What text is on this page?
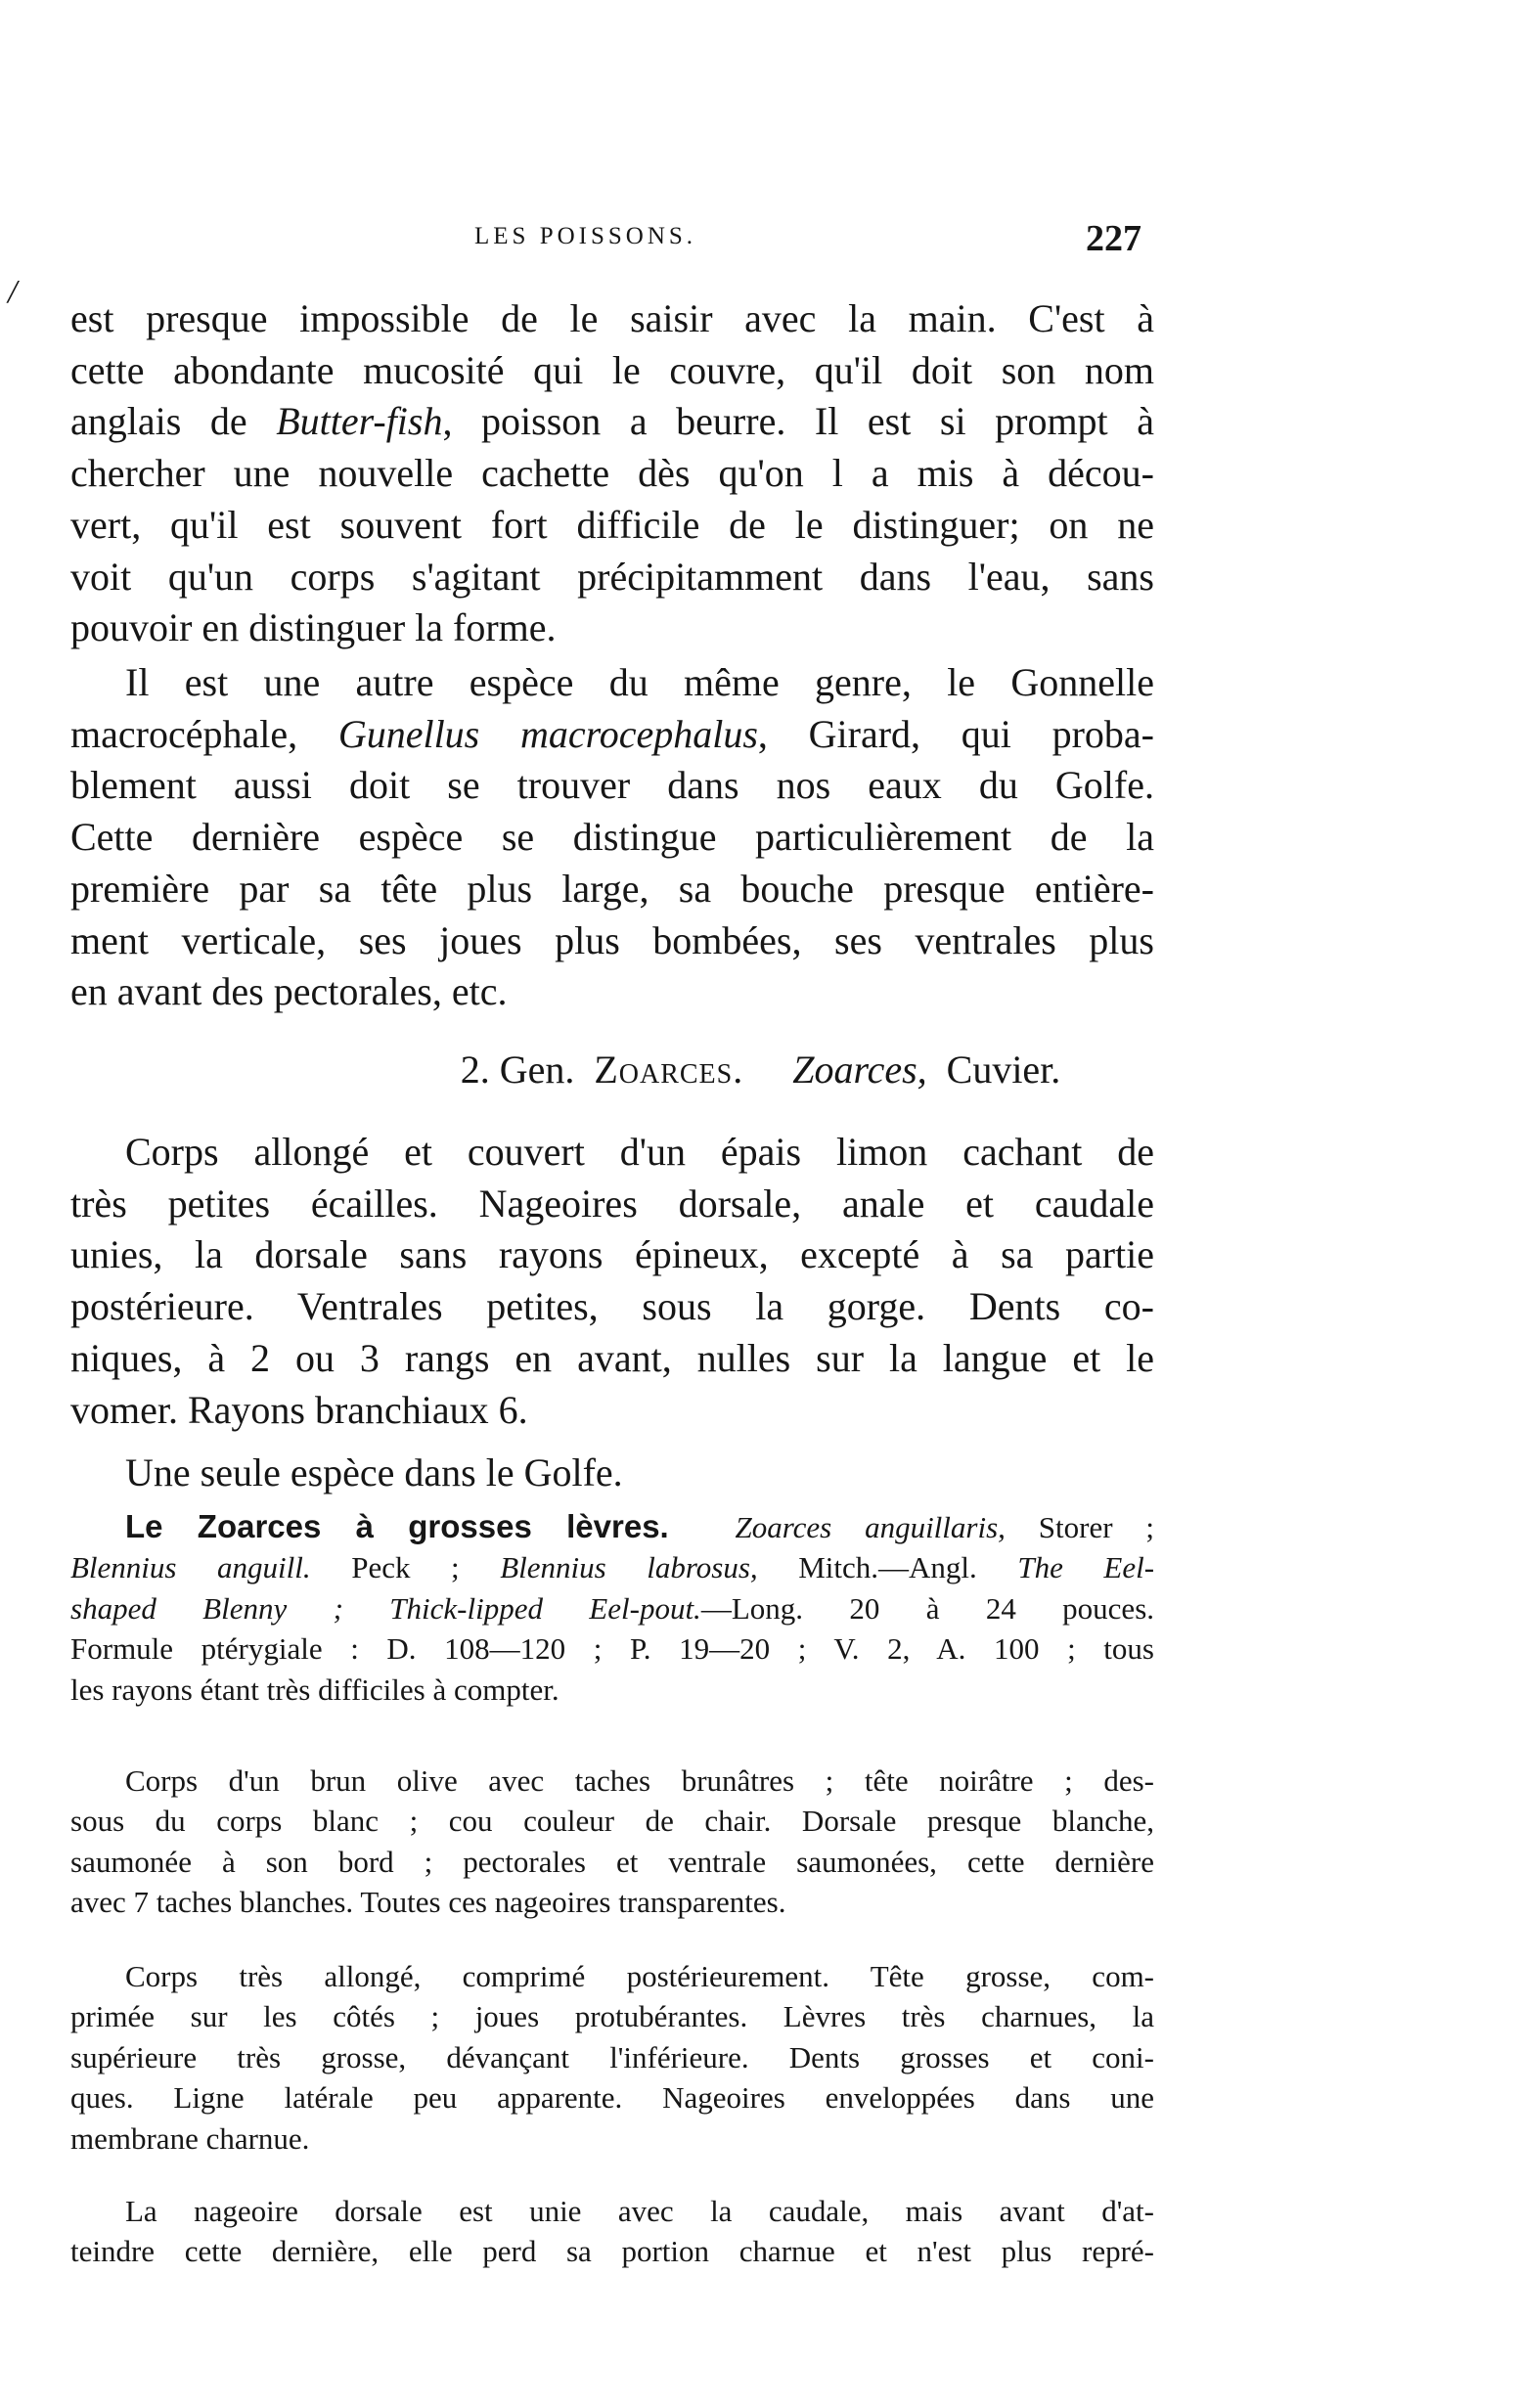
LES POISSONS.	227
/

est presque impossible de le saisir avec la main. C'est à
cette abondante mucosité qui le couvre, qu'il doit son nom
anglais de Butter-fish, poisson a beurre. Il est si prompt à
chercher une nouvelle cachette dès qu'on l a mis à décou-
vert, qu'il est souvent fort difficile de le distinguer; on ne
voit qu'un corps s'agitant précipitamment dans l'eau, sans
pouvoir en distinguer la forme.

Il est une autre espèce du même genre, le Gonnelle
macrocéphale, Gunellus macrocephalus, Girard, qui proba-
blement aussi doit se trouver dans nos eaux du Golfe.
Cette dernière espèce se distingue particulièrement de la
première par sa tête plus large, sa bouche presque entière-
ment verticale, ses joues plus bombées, ses ventrales plus
en avant des pectorales, etc.

2. Gen. Zoarces. Zoarces, Cuvier.

Corps allongé et couvert d'un épais limon cachant de
très petites écailles. Nageoires dorsale, anale et caudale
unies, la dorsale sans rayons épineux, excepté à sa partie
postérieure. Ventrales petites, sous la gorge. Dents co-
niques, à 2 ou 3 rangs en avant, nulles sur la langue et le
vomer. Rayons branchiaux 6.

Une seule espèce dans le Golfe.

Le Zoarces à grosses lèvres. Zoarces anguillaris, Storer ;
Blennius anguill. Peck ; Blennius labrosus, Mitch.—Angl. The Eel-
shaped Blenny ; Thick-lipped Eel-pout.—Long. 20 à 24 pouces.
Formule ptérygiale : D. 108—120 ; P. 19—20 ; V. 2, A. 100 ; tous
les rayons étant très difficiles à compter.

Corps d'un brun olive avec taches brunâtres ; tête noirâtre ; des-
sous du corps blanc ; cou couleur de chair. Dorsale presque blanche,
saumonée à son bord ; pectorales et ventrale saumonées, cette dernière
avec 7 taches blanches. Toutes ces nageoires transparentes.

Corps très allongé, comprimé postérieurement. Tête grosse, com-
primée sur les côtés ; joues protubérantes. Lèvres très charnues, la
supérieure très grosse, dévançant l'inférieure. Dents grosses et coni-
ques. Ligne latérale peu apparente. Nageoires enveloppées dans une
membrane charnue.

La nageoire dorsale est unie avec la caudale, mais avant d'at-
teindre cette dernière, elle perd sa portion charnue et n'est plus repré-
